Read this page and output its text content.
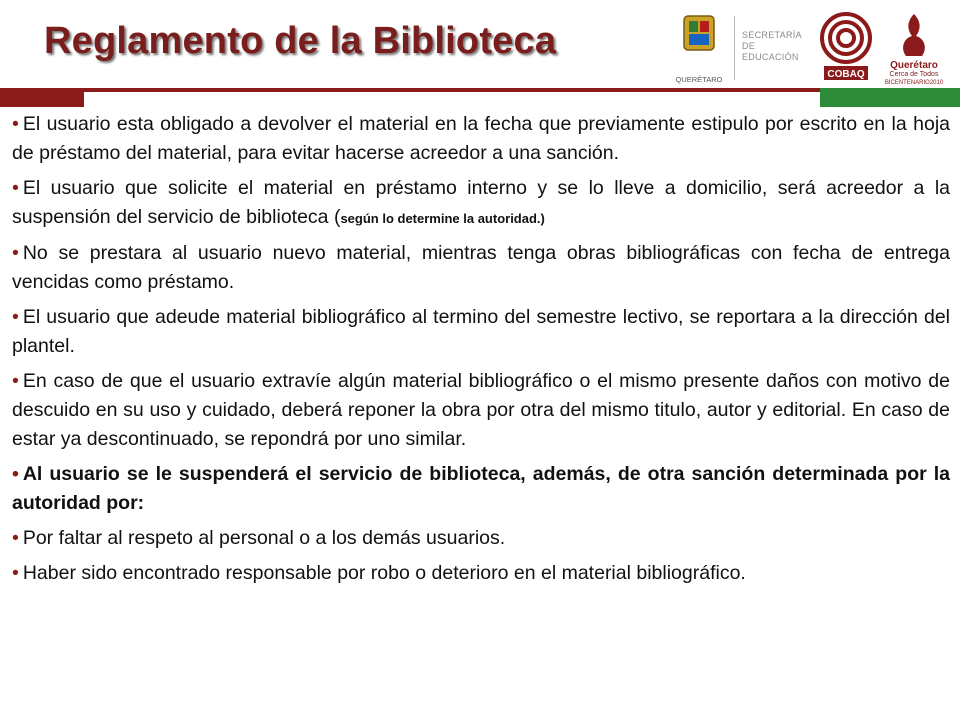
Reglamento de la Biblioteca
QUERÉTARO
SECRETARÍA
DE EDUCACIÓN
COBAQ
Querétaro
Cerca de Todos
BICENTENARIO2010

• El usuario esta obligado a devolver el material en la fecha que previamente estipulo por escrito en la hoja de préstamo del material, para evitar hacerse acreedor a una sanción.

• El usuario que solicite el material en préstamo interno y se lo lleve a domicilio, será acreedor a la suspensión del servicio de biblioteca (según lo determine la autoridad.)

• No se prestara al usuario nuevo material, mientras tenga obras bibliográficas con fecha de entrega vencidas como préstamo.

• El usuario que adeude material bibliográfico al termino del semestre lectivo, se reportara a la dirección del plantel.

• En caso de que el usuario extravíe algún material bibliográfico o el mismo presente daños con motivo de descuido en su uso y cuidado, deberá reponer la obra por otra del mismo titulo, autor y editorial. En caso de estar ya descontinuado, se repondrá por uno similar.

• Al usuario se le suspenderá el servicio de biblioteca, además, de otra sanción determinada por la autoridad por:

• Por faltar al respeto al personal o a los demás usuarios.

• Haber sido encontrado responsable por robo o deterioro en el material bibliográfico.
